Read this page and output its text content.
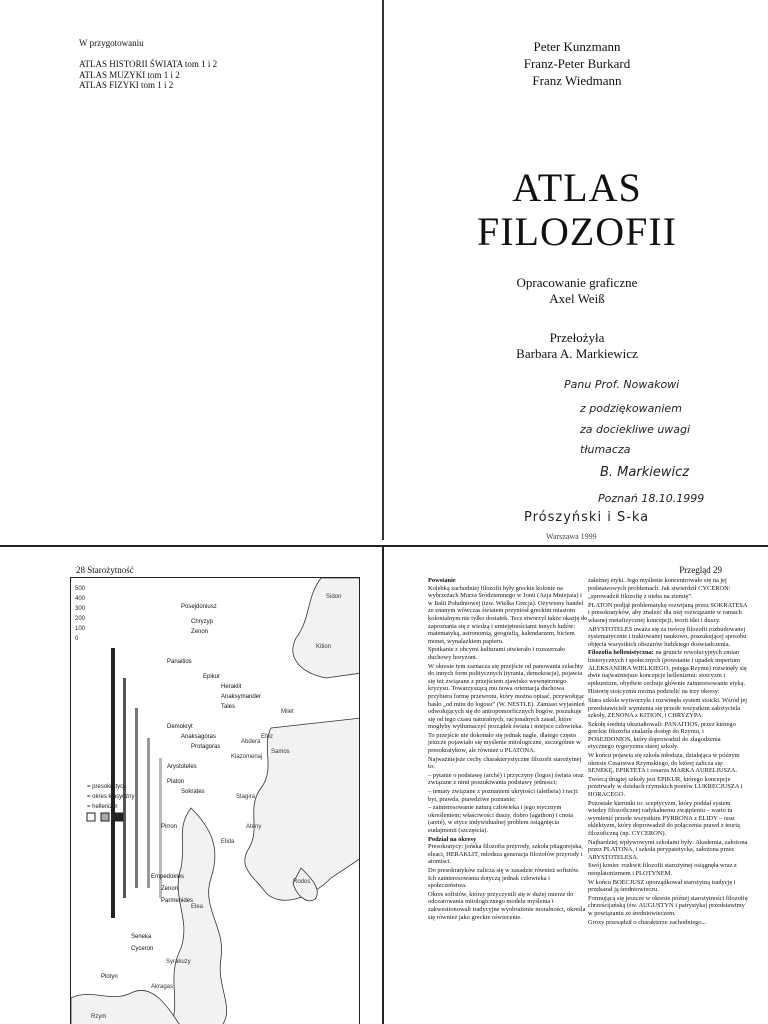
W przygotowaniu
ATLAS HISTORII ŚWIATA tom 1 i 2
ATLAS MUZYKI tom 1 i 2
ATLAS FIZYKI tom 1 i 2
Peter Kunzmann
Franz-Peter Burkard
Franz Wiedmann
ATLAS
FILOZOFII
Opracowanie graficzne
Axel Weiß
Przełożyła
Barbara A. Markiewicz
Panu Prof. Nowakowi
z podziękowaniem
za dociekliwe uwagi
tłumacza
B. Markiewicz
Poznań 18.10.1999
Prószyński i S-ka
Warszawa 1999
28 Starożytność
= hellenizm
= okres klasyczny
= presokratycy
500
400
300
200
100
0
Posejdoniusz
Chryzyp
Zenon
Panaitios
Epikur
Heraklit
Anaksymander
Tales
Demokryt
Anaksagoras
Protagoras
Arystoteles
Platon
Sokrates
Pirron
Empedokles
Zenon
Parmenides
Seneka
Cyceron
Plotyn
Sidon
Kition
Milet
Efez
Samos
Abdera
Klazomenaj
Stagira
Ateny
Elida
Rodos
Elea
Syrakuzy
Akragas
Rzym
Przegląd 29

Powstanie
Kolebką zachodniej filozofii były greckie kolonie na wybrzeżach Morza Śródziemnego w Jonii (Azja Mniejsza) i w Italii Południowej (tzw. Wielka Grecja). Ożywiony handel ze znanym wówczas światem przyniósł greckim miastom kolonialnym nie tylko dostatek. Tecz stworzył także okazję do zapoznania się z wiedzą i umiejętnościami innych ludów: matematyką, astronomią, geografią, kalendarzem, biciem monet, wynalazkiem papieru.

Spotkanie z obcymi kulturami otwierało i rozszerzało duchowy horyzont.

W okresie tym zaznacza się przejście od panowania szlachty do innych form politycznych (tyrania, demokracja), pojawia się też związane z przejściem zjawisko wewnętrznego kryzysu. Towarzyszącą mu nowa orientacja duchowa przybiera formę przewrotu, który można opisać, przywołując hasło „od mitu do logosu” (W. NESTLE). Zamiast wyjaśnień odwołujących się do antropomorficznych bogów, poszukuje się od tego czasu naturalnych, racjonalnych zasad, które mogłyby wytłumaczyć porządek świata i miejsce człowieka.

To przejście nie dokonało się jednak nagle, dlatego często jeszcze pojawiało się myślenie mitologiczne, szczególnie w presokratykow, ale również u PLATONA.

Najważniejsze cechy charakterystyczne filozofii starożytnej to:

– pytanie o podstawę (arché) i przyczyny (logos) świata oraz związane z nimi poszukiwania podstawy jedności;

– tematy związane z poznaniem ukrytości (aletheia) i racji: byt, prawda, prawdziwe poznanie;

– zainteresowanie naturą człowieka i jego etycznym określeniem; właściwości duszy, dobro (agathon) i cnota (areté), w etyce indywidualnej problem osiągnięcia eudajmonii (szczęścia).

Podział na okresy
Presokratycy: jońska filozofia przyrody, szkoła pitagorejska, eleaci, HERAKLIT, młodsza generacja filozofów przyrody i atomiści.

Do presokratyków zalicza się w zasadzie również sofistów. Ich zainteresowania dotyczą jednak człowieka i społeczeństwa.

Okres sofistów, którzy przyczynili się w dużej mierze do odczarowania mitologicznego modelu myślenia i zakwestionowali tradycyjne wyobrażenie moralności, określa się również jako greckie oświecenie.

zależnej etyki. Jego myślenie koncentrowało się na jej podstawowych problemach. Jak stwierdził CYCERON:

„sprowadził filozofię z nieba na ziemię”.

PLATON podjął problematykę rozwijaną przez SOKRATESA i presokratyków, aby znaleźć dla niej rozwiązanie w ramach własnej metafizycznej koncepcji, teorii idei i duszy.

ARYSTOTELES uważa się za twórcę filozofii rozbudowanej systematycznie i traktowanej naukowo, poszukującej sposobu objęcia wszystkich obszarów ludzkiego doświadczenia.

Filozofia hellenistyczna: na gruncie rewolucyjnych zmian historycznych i społecznych (powstanie i upadek imperium ALEKSANDRA WIELKIEGO; potęga Rzymu) rozwinęły się dwie najważniejsze koncepcje hellenizmu: stoicyzm i epikureizm, obydwie cechuje głównie zainteresowanie etyką.

Historię stoicyzmu można podzielić na trzy okresy:

Stara szkoła wytworzyła i rozwinęła system stoicki. Wśród jej przedstawicieli wymienia się przede wszystkim założyciela szkoły, ZENONA z KITION, i CHRYZYPA.

Szkołę średnią ukształtowali: PANAITIOS, przez którego greckie filozofia znalazła dostęp do Rzymu, i POSEJDONIOS, który doprowadził do złagodzenia etycznego rygoryzmu starej szkoły.

W końcu pojawia się szkoła młodsza, działająca w późnym okresie Cesarstwa Rzymskiego, do której zalicza się: SENEKĘ, EPIKTETA i cesarza MARKA AURELIUSZA.

Twórcą drugiej szkoły jest EPIKUR, którego koncepcje przetrwały w dziełach rzymskich poetów LUKRECJUSZA i HORACEGO.

Pozostałe kierunki to: sceptycyzm, który poddał system wiedzy filozoficznej radykalnemu zwątpieniu – warto tu wymienić przede wszystkim PYRRONA z ELIDY – oraz eklektyzm, który doprowadził do połączenia prawd z teorią filozoficzną (np. CYCERON).

Najbardziej wpływowymi szkołami były: Akademia, założona przez PLATONA, i szkoła perypatetycka, założona przez ARYSTOTELESA.

Swój koniec rozkwit filozofii starożytnej osiągnęła wraz z neoplatonizmem i PLOTYNEM.

W końcu BOECJUSZ uporządkował starożytną tradycję i przekazał ją średniowieczu.

Formującą się jeszcze w okresie późnej starożytności filozofię chrześcijańską (św. AUGUSTYN i patrystyka) przedstawimy w powiązaniu ze średniowieczem.

Groxy przesądził o charakterze zachodniego...
